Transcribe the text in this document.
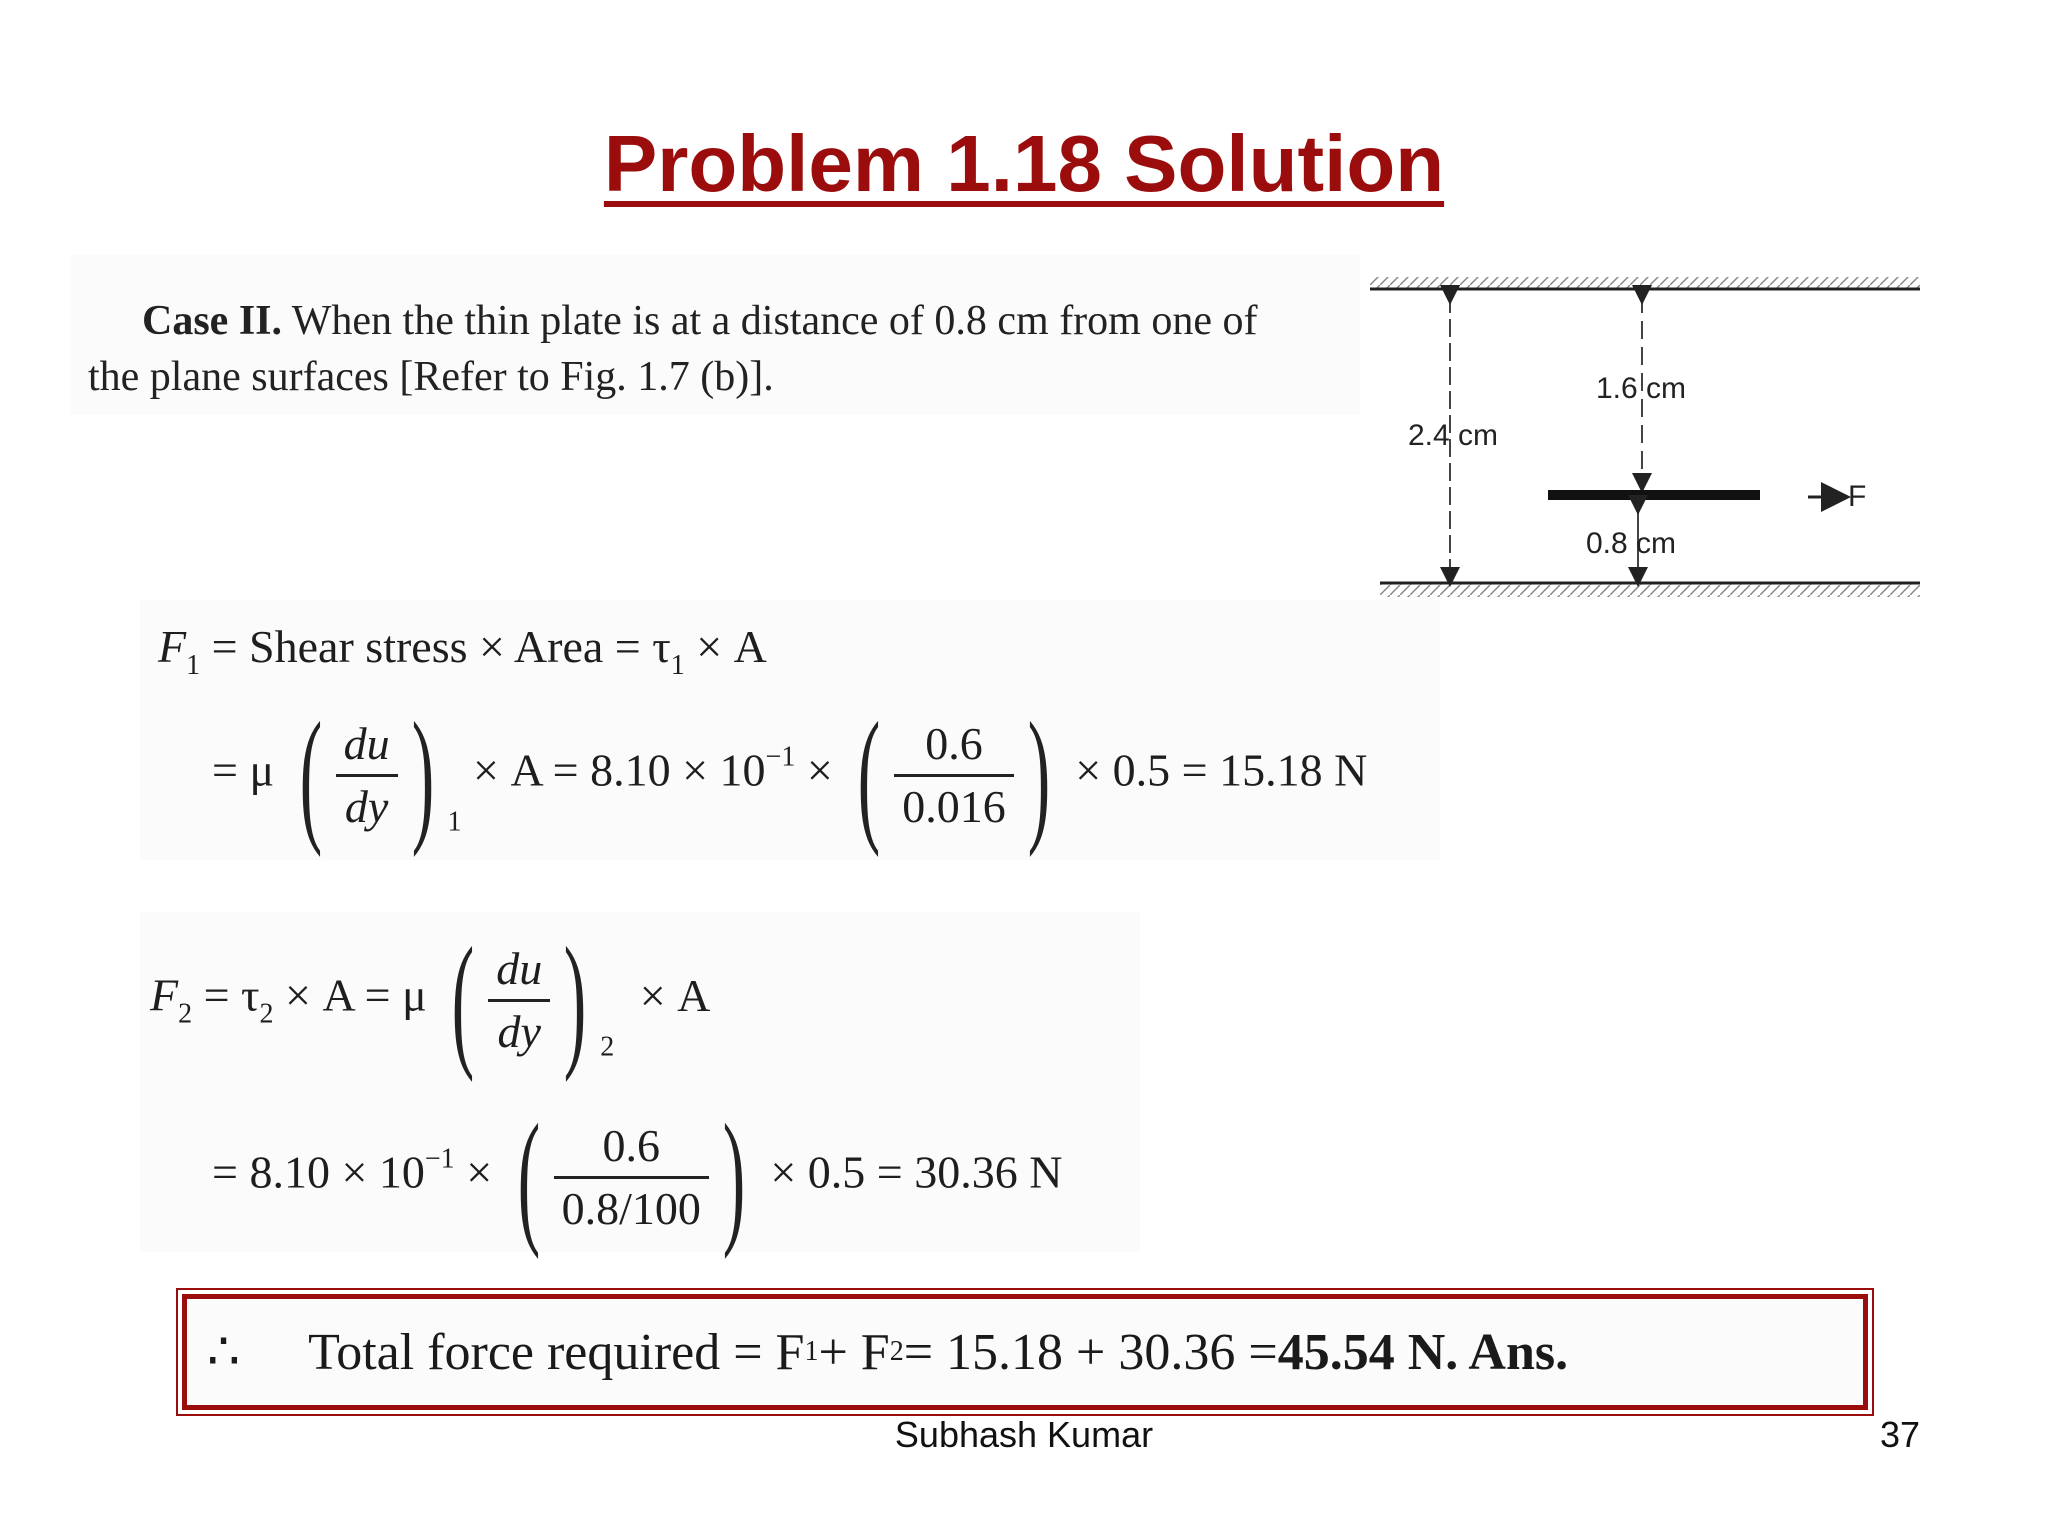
Problem 1.18 Solution
Case II. When the thin plate is at a distance of 0.8 cm from one of
the plane surfaces [Refer to Fig. 1.7 (b)].
2.4 cm
1.6 cm
F
0.8 cm
$F_1$ = Shear stress × Area = $\tau_1 \times A$
= μ ( $\frac{du}{dy}$ ) $_1 \times A = 8.10 \times 10^{-1}$ × ( $\frac{0.6}{0.016}$ ) × 0.5 = 15.18 N
$F_2 = \tau_2 \times A = \mu$ ( $\frac{du}{dy}$ ) $_2$ × A
= $8.10 \times 10^{-1}$ × ( $\frac{0.6}{0.8/100}$ ) × 0.5 = 30.36 N
∴ Total force required = F 1 + F 2 = 15.18 + 30.36 = 45.54 N. Ans.
Subhash Kumar	37
